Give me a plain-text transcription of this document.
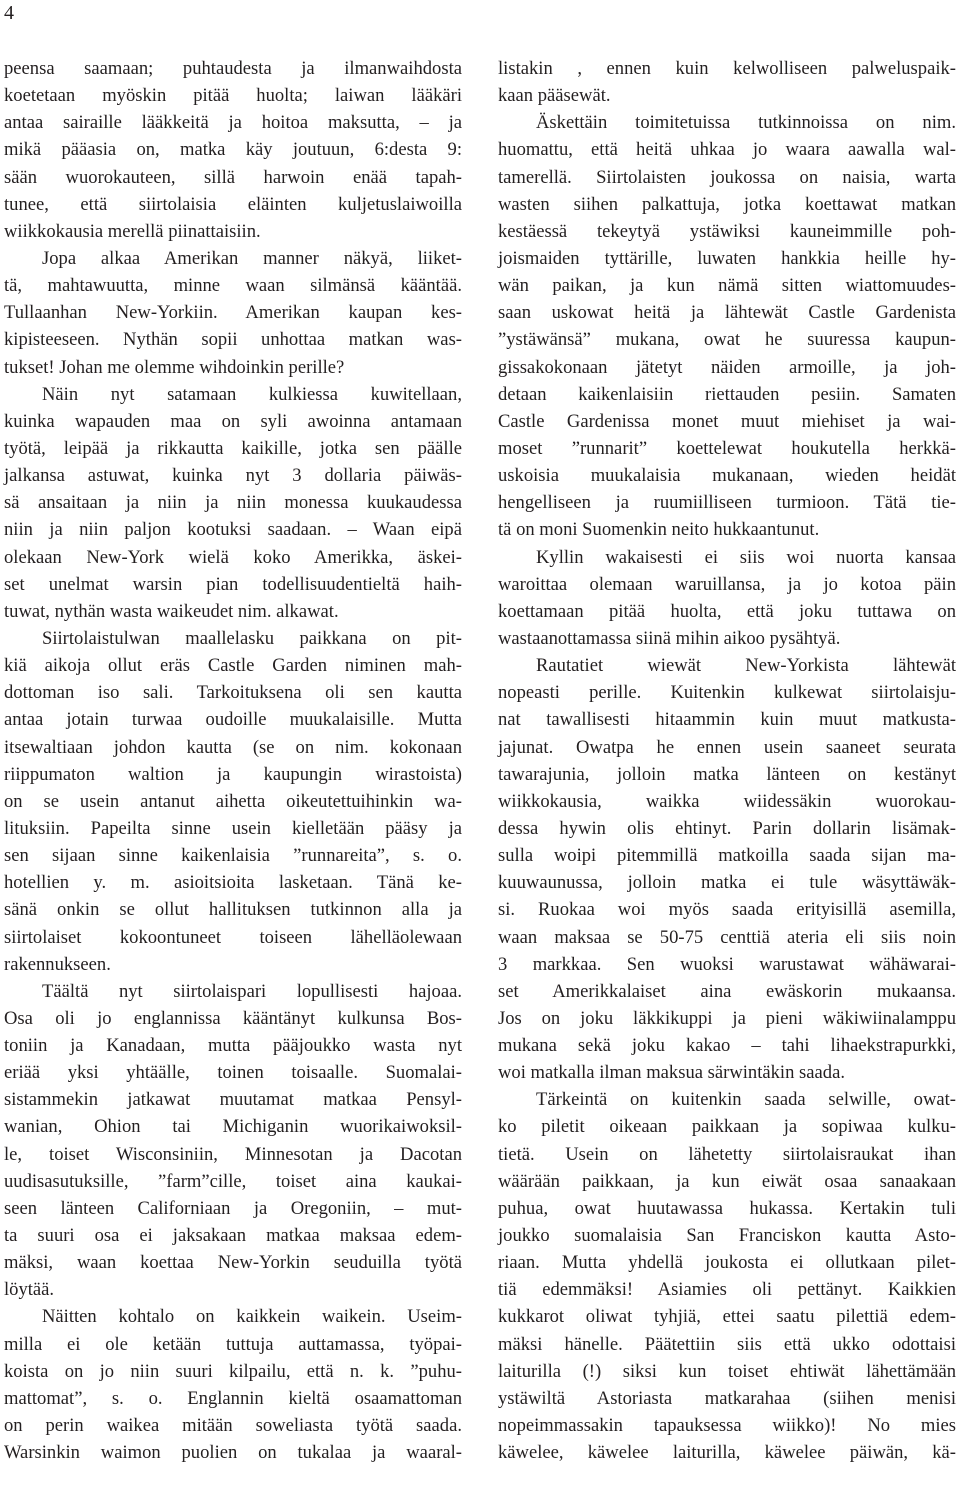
4
peensa saamaan; puhtaudesta ja ilmanwaihdosta
koetetaan myöskin pitää huolta; laiwan lääkäri
antaa sairaille lääkkeitä ja hoitoa maksutta, – ja
mikä pääasia on, matka käy joutuun, 6:desta 9:
sään wuorokauteen, sillä harwoin enää tapah-
tunee, että siirtolaisia eläinten kuljetuslaiwoilla
wiikkokausia merellä piinattaisiin.
Jopa alkaa Amerikan manner näkyä, liiket-
tä, mahtawuutta, minne waan silmänsä kääntää.
Tullaanhan New-Yorkiin. Amerikan kaupan kes-
kipisteeseen. Nythän sopii unhottaa matkan was-
tukset! Johan me olemme wihdoinkin perille?
Näin nyt satamaan kulkiessa kuwitellaan,
kuinka wapauden maa on syli awoinna antamaan
työtä, leipää ja rikkautta kaikille, jotka sen päälle
jalkansa astuwat, kuinka nyt 3 dollaria päiwäs-
sä ansaitaan ja niin ja niin monessa kuukaudessa
niin ja niin paljon kootuksi saadaan. – Waan eipä
olekaan New-York wielä koko Amerikka, äskei-
set unelmat warsin pian todellisuudentieltä haih-
tuwat, nythän wasta waikeudet nim. alkawat.
Siirtolaistulwan maallelasku paikkana on pit-
kiä aikoja ollut eräs Castle Garden niminen mah-
dottoman iso sali. Tarkoituksena oli sen kautta
antaa jotain turwaa oudoille muukalaisille. Mutta
itsewaltiaan johdon kautta (se on nim. kokonaan
riippumaton waltion ja kaupungin wirastoista)
on se usein antanut aihetta oikeutettuihinkin wa-
lituksiin. Papeilta sinne usein kielletään pääsy ja
sen sijaan sinne kaikenlaisia ”runnareita”, s. o.
hotellien y. m. asioitsioita lasketaan. Tänä ke-
sänä onkin se ollut hallituksen tutkinnon alla ja
siirtolaiset kokoontuneet toiseen lähelläolewaan
rakennukseen.
Täältä nyt siirtolaispari lopullisesti hajoaa.
Osa oli jo englannissa kääntänyt kulkunsa Bos-
toniin ja Kanadaan, mutta pääjoukko wasta nyt
eriää yksi yhtäälle, toinen toisaalle. Suomalai-
sistammekin jatkawat muutamat matkaa Pensyl-
wanian, Ohion tai Michiganin wuorikaiwoksil-
le, toiset Wisconsiniin, Minnesotan ja Dacotan
uudisasutuksille, ”farm”cille, toiset aina kaukai-
seen länteen Californiaan ja Oregoniin, – mut-
ta suuri osa ei jaksakaan matkaa maksaa edem-
mäksi, waan koettaa New-Yorkin seuduilla työtä
löytää.
Näitten kohtalo on kaikkein waikein. Useim-
milla ei ole ketään tuttuja auttamassa, työpai-
koista on jo niin suuri kilpailu, että n. k. ”puhu-
mattomat”, s. o. Englannin kieltä osaamattoman
on perin waikea mitään soweliasta työtä saada.
Warsinkin waimon puolien on tukalaa ja waaral-
listakin , ennen kuin kelwolliseen palweluspaik-
kaan pääsewät.
Äskettäin toimitetuissa tutkinnoissa on nim.
huomattu, että heitä uhkaa jo waara aawalla wal-
tamerellä. Siirtolaisten joukossa on naisia, warta
wasten siihen palkattuja, jotka koettawat matkan
kestäessä tekeytyä ystäwiksi kauneimmille poh-
joismaiden tyttärille, luwaten hankkia heille hy-
wän paikan, ja kun nämä sitten wiattomuudes-
saan uskowat heitä ja lähtewät Castle Gardenista
”ystäwänsä” mukana, owat he suuressa kaupun-
gissakokonaan jätetyt näiden armoille, ja joh-
detaan kaikenlaisiin riettauden pesiin. Samaten
Castle Gardenissa monet muut miehiset ja wai-
moset ”runnarit” koettelewat houkutella herkkä-
uskoisia muukalaisia mukanaan, wieden heidät
hengelliseen ja ruumiilliseen turmioon. Tätä tie-
tä on moni Suomenkin neito hukkaantunut.
Kyllin wakaisesti ei siis woi nuorta kansaa
waroittaa olemaan waruillansa, ja jo kotoa päin
koettamaan pitää huolta, että joku tuttawa on
wastaanottamassa siinä mihin aikoo pysähtyä.
Rautatiet wiewät New-Yorkista lähtewät
nopeasti perille. Kuitenkin kulkewat siirtolaisju-
nat tawallisesti hitaammin kuin muut matkusta-
jajunat. Owatpa he ennen usein saaneet seurata
tawarajunia, jolloin matka länteen on kestänyt
wiikkokausia, waikka wiidessäkin wuorokau-
dessa hywin olis ehtinyt. Parin dollarin lisämak-
sulla woipi pitemmillä matkoilla saada sijan ma-
kuuwaunussa, jolloin matka ei tule wäsyttäwäk-
si. Ruokaa woi myös saada erityisillä asemilla,
waan maksaa se 50-75 centtiä ateria eli siis noin
3 markkaa. Sen wuoksi warustawat wähäwarai-
set Amerikkalaiset aina ewäskorin mukaansa.
Jos on joku läkkikuppi ja pieni wäkiwiinalamppu
mukana sekä joku kakao – tahi lihaekstrapurkki,
woi matkalla ilman maksua särwintäkin saada.
Tärkeintä on kuitenkin saada selwille, owat-
ko piletit oikeaan paikkaan ja sopiwaa kulku-
tietä. Usein on lähetetty siirtolaisraukat ihan
wäärään paikkaan, ja kun eiwät osaa sanaakaan
puhua, owat huutawassa hukassa. Kertakin tuli
joukko suomalaisia San Franciskon kautta Asto-
riaan. Mutta yhdellä joukosta ei ollutkaan pilet-
tiä edemmäksi! Asiamies oli pettänyt. Kaikkien
kukkarot oliwat tyhjiä, ettei saatu pilettiä edem-
mäksi hänelle. Päätettiin siis että ukko odottaisi
laiturilla (!) siksi kun toiset ehtiwät lähettämään
ystäwiltä Astoriasta matkarahaa (siihen menisi
nopeimmassakin tapauksessa wiikko)! No mies
käwelee, käwelee laiturilla, käwelee päiwän, kä-
